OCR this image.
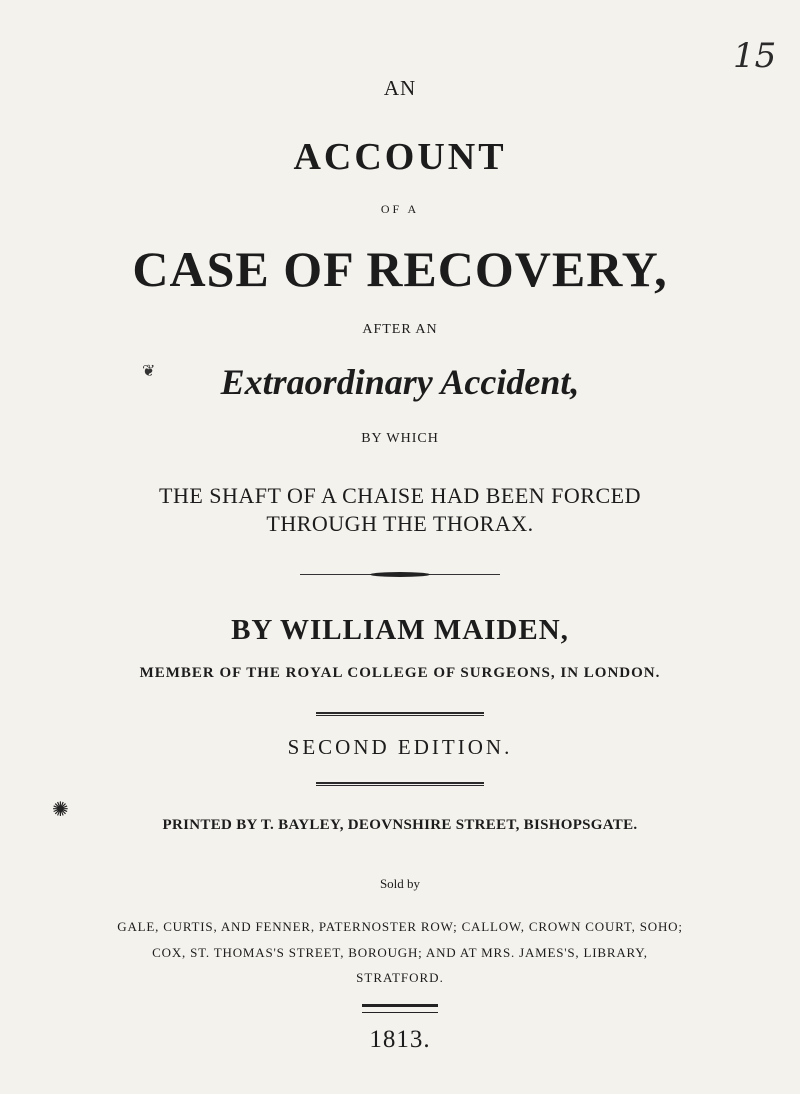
15
AN
ACCOUNT
OF A
CASE OF RECOVERY,
AFTER AN
❦	Extraordinary Accident,
BY WHICH
THE SHAFT OF A CHAISE HAD BEEN FORCED
THROUGH THE THORAX.
BY WILLIAM MAIDEN,
MEMBER OF THE ROYAL COLLEGE OF SURGEONS, IN LONDON.
SECOND EDITION.
✺
PRINTED BY T. BAYLEY, DEOVNSHIRE STREET, BISHOPSGATE.
Sold by
GALE, CURTIS, AND FENNER, PATERNOSTER ROW; CALLOW, CROWN COURT, SOHO;
COX, ST. THOMAS'S STREET, BOROUGH; AND AT MRS. JAMES'S, LIBRARY,
STRATFORD.
1813.
